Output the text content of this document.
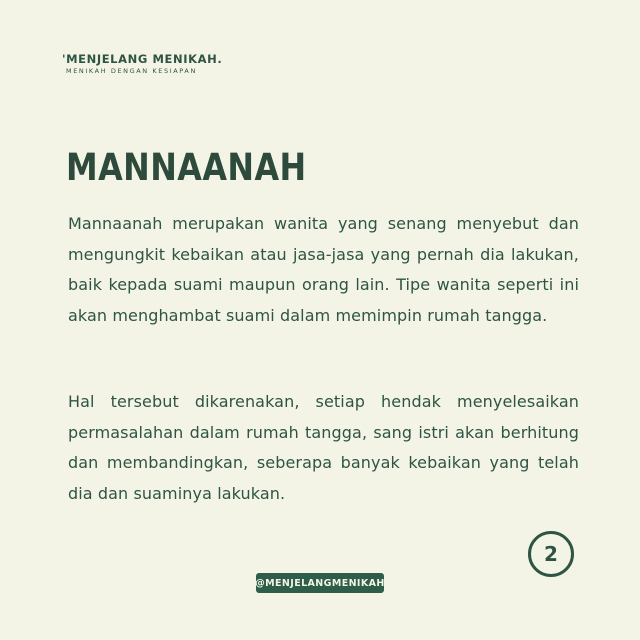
'MENJELANG MENIKAH.
MENIKAH DENGAN KESIAPAN
MANNAANAH

Mannaanah merupakan wanita yang senang menyebut dan mengungkit kebaikan atau jasa-jasa yang pernah dia lakukan, baik kepada suami maupun orang lain. Tipe wanita seperti ini akan menghambat suami dalam memimpin rumah tangga.

Hal tersebut dikarenakan, setiap hendak menyelesaikan permasalahan dalam rumah tangga, sang istri akan berhitung dan membandingkan, seberapa banyak kebaikan yang telah dia dan suaminya lakukan.

2
@MENJELANGMENIKAH
